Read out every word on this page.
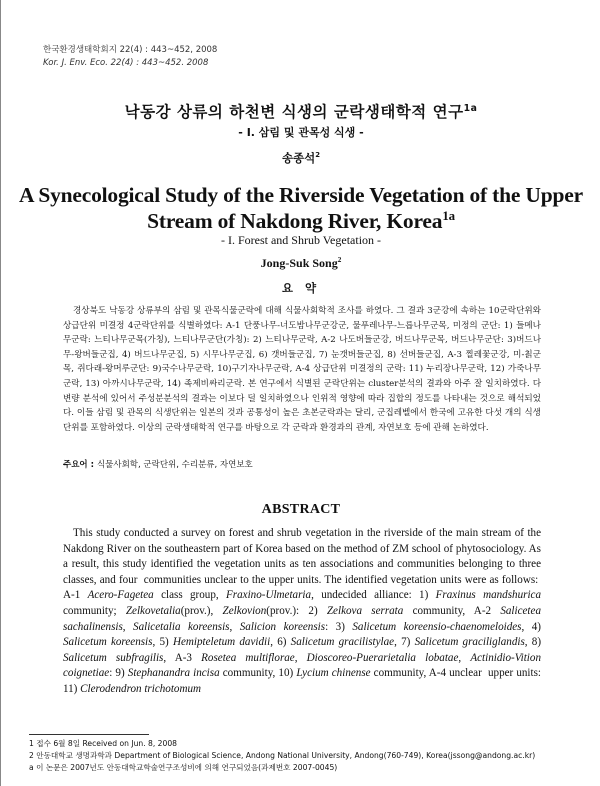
한국환경생태학회지 22(4) : 443~452, 2008
Kor. J. Env. Eco. 22(4) : 443~452. 2008
낙동강 상류의 하천변 식생의 군락생태학적 연구$^{1a}$
- I. 삼림 및 관목성 식생 -
송종석$^2$
A Synecological Study of the Riverside Vegetation of the Upper Stream of Nakdong River, Korea$^{1a}$
- I. Forest and Shrub Vegetation -
Jong-Suk Song$^2$
요 약
경상북도 낙동강 상류부의 삼림 및 관목식물군락에 대해 식물사회학적 조사를 하였다. 그 결과 3군강에 속하는 10군락단위와 상급단위 미결정 4군락단위를 식별하였다: A-1 단풍나무-너도밤나무군강군, 물푸레나무-느릅나무군목, 미정의 군단: 1) 들메나무군락: 느티나무군목(가칭), 느티나무군단(가칭): 2) 느티나무군락, A-2 나도버들군강, 버드나무군목, 버드나무군단: 3)버드나무-왕버들군집, 4) 버드나무군집, 5) 시무나무군집, 6) 갯버들군집, 7) 눈갯버들군집, 8) 선버들군집, A-3 찔레꽃군강, 미-칡군목, 쥐다래-왕머루군단: 9)국수나무군락, 10)구기자나무군락, A-4 상급단위 미결정의 군락: 11) 누리장나무군락, 12) 가죽나무군락, 13) 아까시나무군락, 14) 족제비싸리군락. 본 연구에서 식별된 군락단위는 cluster분석의 결과와 아주 잘 일치하였다. 다변량 분석에 있어서 주성분분석의 결과는 이보다 덜 일치하였으나 인위적 영향에 따라 집합의 정도를 나타내는 것으로 해석되었다. 이들 삼림 및 관목의 식생단위는 일본의 것과 공통성이 높은 초본군락과는 달리, 군집레벨에서 한국에 고유한 다섯 개의 식생단위를 포함하였다. 이상의 군락생태학적 연구를 바탕으로 각 군락과 환경과의 관계, 자연보호 등에 관해 논하였다.
주요어 : 식물사회학, 군락단위, 수리분류, 자연보호
ABSTRACT
This study conducted a survey on forest and shrub vegetation in the riverside of the main stream of the Nakdong River on the southeastern part of Korea based on the method of ZM school of phytosociology. As a result, this study identified the vegetation units as ten associations and communities belonging to three classes, and four  communities unclear to the upper units. The identified vegetation units were as follows:  A-1 Acero-Fagetea class group, Fraxino-Ulmetaria, undecided alliance: 1) Fraxinus mandshurica community; Zelkovetalia(prov.), Zelkovion(prov.): 2) Zelkova serrata community, A-2 Salicetea sachalinensis, Salicetalia koreensis, Salicion koreensis: 3) Salicetum koreensio-chaenomeloides, 4) Salicetum koreensis, 5) Hemipteletum davidii, 6) Salicetum gracilistylae, 7) Salicetum graciliglandis, 8) Salicetum subfragilis, A-3 Rosetea multiflorae, Dioscoreo-Puerarietalia lobatae, Actinidio-Vition coignetiae: 9) Stephanandra incisa community, 10) Lycium chinense community, A-4 unclear  upper units: 11) Clerodendron trichotomum
1 접수 6월 8일 Received on Jun. 8, 2008
2 안동대학교 생명과학과 Department of Biological Science, Andong National University, Andong(760-749), Korea(jssong@andong.ac.kr)
a 이 논문은 2007년도 안동대학교학술연구조성비에 의해 연구되었음(과제번호 2007-0045)
